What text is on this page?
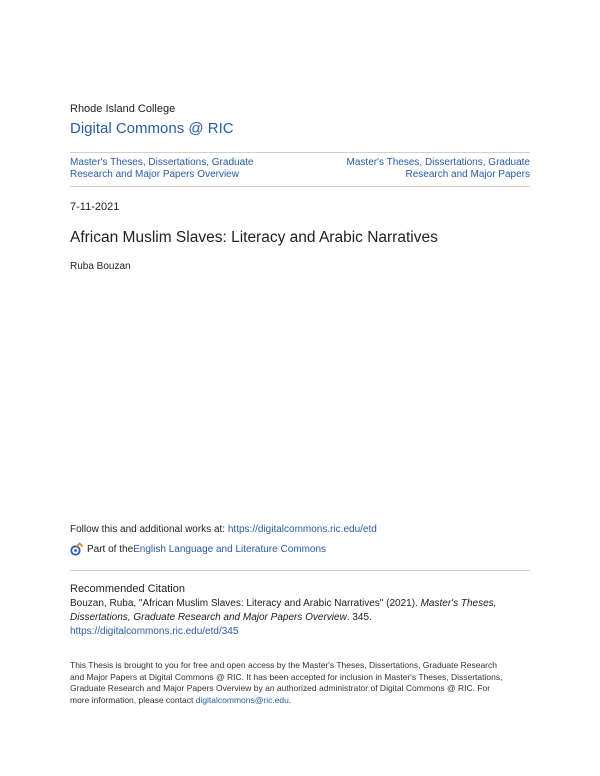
Rhode Island College
Digital Commons @ RIC
Master's Theses, Dissertations, Graduate
Research and Major Papers Overview
Master's Theses, Dissertations, Graduate
Research and Major Papers
7-11-2021
African Muslim Slaves: Literacy and Arabic Narratives
Ruba Bouzan
Follow this and additional works at: https://digitalcommons.ric.edu/etd
Part of the English Language and Literature Commons
Recommended Citation
Bouzan, Ruba, "African Muslim Slaves: Literacy and Arabic Narratives" (2021). Master's Theses,
Dissertations, Graduate Research and Major Papers Overview. 345.
https://digitalcommons.ric.edu/etd/345
This Thesis is brought to you for free and open access by the Master's Theses, Dissertations, Graduate Research
and Major Papers at Digital Commons @ RIC. It has been accepted for inclusion in Master's Theses, Dissertations,
Graduate Research and Major Papers Overview by an authorized administrator of Digital Commons @ RIC. For
more information, please contact digitalcommons@ric.edu.
